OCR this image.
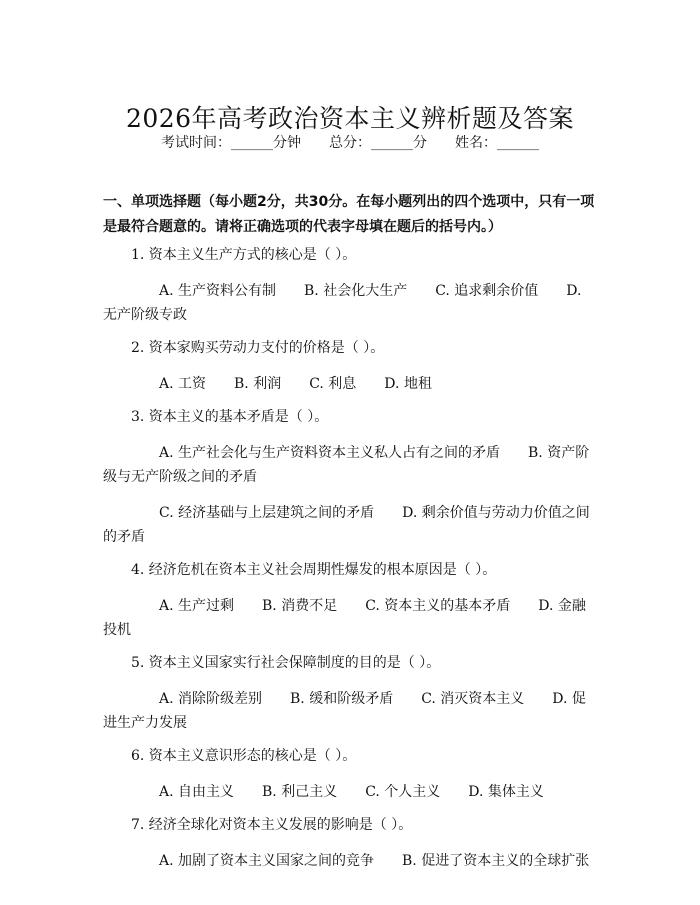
2026年高考政治资本主义辨析题及答案
考试时间：______分钟 总分：______分 姓名：______
一、单项选择题（每小题2分，共30分。在每小题列出的四个选项中，只有一项是最符合题意的。请将正确选项的代表字母填在题后的括号内。）

1. 资本主义生产方式的核心是（ ）。

A. 生产资料公有制　　B. 社会化大生产　　C. 追求剩余价值　　D. 无产阶级专政

2. 资本家购买劳动力支付的价格是（ ）。

A. 工资　　B. 利润　　C. 利息　　D. 地租

3. 资本主义的基本矛盾是（ ）。

A. 生产社会化与生产资料资本主义私人占有之间的矛盾　　B. 资产阶级与无产阶级之间的矛盾

C. 经济基础与上层建筑之间的矛盾　　D. 剩余价值与劳动力价值之间的矛盾

4. 经济危机在资本主义社会周期性爆发的根本原因是（ ）。

A. 生产过剩　　B. 消费不足　　C. 资本主义的基本矛盾　　D. 金融投机

5. 资本主义国家实行社会保障制度的目的是（ ）。

A. 消除阶级差别　　B. 缓和阶级矛盾　　C. 消灭资本主义　　D. 促进生产力发展

6. 资本主义意识形态的核心是（ ）。

A. 自由主义　　B. 利己主义　　C. 个人主义　　D. 集体主义

7. 经济全球化对资本主义发展的影响是（ ）。

A. 加剧了资本主义国家之间的竞争　　B. 促进了资本主义的全球扩张
